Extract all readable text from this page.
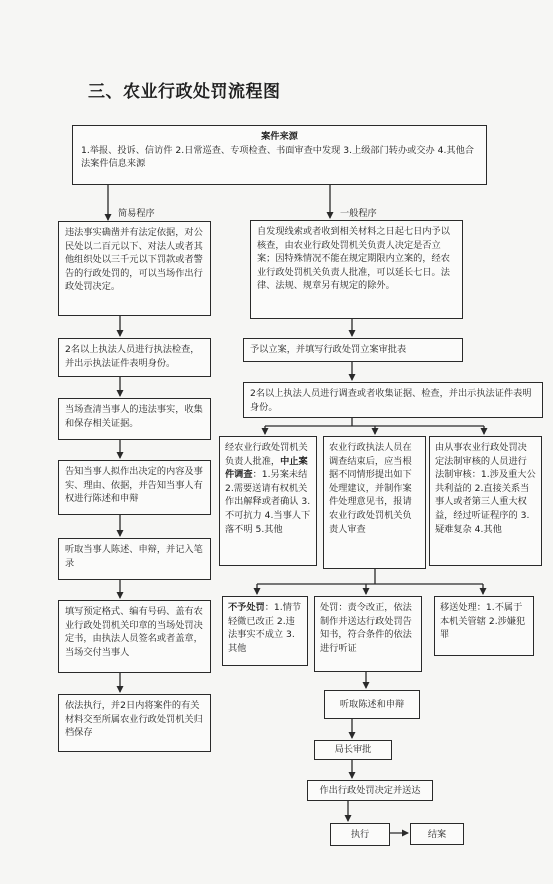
三、农业行政处罚流程图
案件来源
1.举报、投诉、信访件 2.日常巡查、专项检查、书面审查中发现 3.上级部门转办或交办 4.其他合法案件信息来源
简易程序	一般程序
违法事实确凿并有法定依据，对公民处以二百元以下、对法人或者其他组织处以三千元以下罚款或者警告的行政处罚的，可以当场作出行政处罚决定。
2名以上执法人员进行执法检查，并出示执法证件表明身份。
当场查清当事人的违法事实，收集和保存相关证据。
告知当事人拟作出决定的内容及事实、理由、依据，并告知当事人有权进行陈述和申辩
听取当事人陈述、申辩，并记入笔录
填写预定格式、编有号码、盖有农业行政处罚机关印章的当场处罚决定书，由执法人员签名或者盖章，当场交付当事人
依法执行，并2日内将案件的有关材料交至所属农业行政处罚机关归档保存
自发现线索或者收到相关材料之日起七日内予以核查，由农业行政处罚机关负责人决定是否立案；因特殊情况不能在规定期限内立案的，经农业行政处罚机关负责人批准，可以延长七日。法律、法规、规章另有规定的除外。
予以立案，并填写行政处罚立案审批表
2名以上执法人员进行调查或者收集证据、检查，并出示执法证件表明身份。
经农业行政处罚机关负责人批准，中止案件调查：1.另案未结 2.需要送请有权机关作出解释或者确认 3.不可抗力 4.当事人下落不明 5.其他
农业行政执法人员在调查结束后，应当根据不同情形提出如下处理建议，并制作案件处理意见书，报请农业行政处罚机关负责人审查
由从事农业行政处罚决定法制审核的人员进行法制审核：1.涉及重大公共利益的 2.直接关系当事人或者第三人重大权益，经过听证程序的 3.疑难复杂 4.其他
不予处罚：1.情节轻微已改正 2.违法事实不成立 3.其他
处罚：责令改正，依法制作并送达行政处罚告知书，符合条件的依法进行听证
移送处理：1.不属于本机关管辖 2.涉嫌犯罪
听取陈述和申辩
局长审批
作出行政处罚决定并送达
执行	结案
